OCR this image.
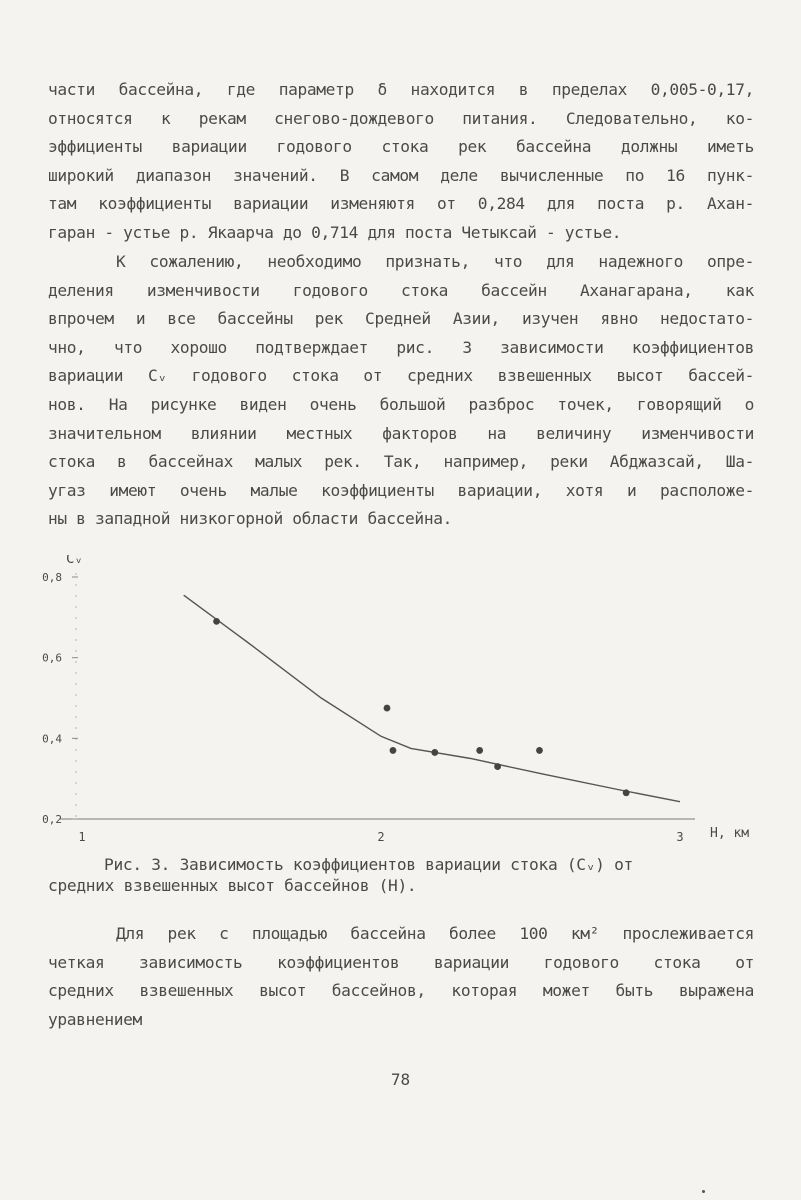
части бассейна, где параметр δ находится в пределах 0,005-0,17,
относятся к рекам снегово-дождевого питания. Следовательно, ко-
эффициенты вариации годового стока рек бассейна должны иметь
широкий диапазон значений. В самом деле вычисленные по 16 пунк-
там коэффициенты вариации изменяютя от 0,284 для поста р. Ахан-
гаран - устье р. Якаарча до 0,714 для поста Четыксай - устье.
К сожалению, необходимо признать, что для надежного опре-
деления изменчивости годового стока бассейн Аханагарана, как
впрочем и все бассейны рек Средней Азии, изучен явно недостато-
чно, что хорошо подтверждает рис. 3 зависимости коэффициентов
вариации Cᵥ годового стока от средних взвешенных высот бассей-
нов. На рисунке виден очень большой разброс точек, говорящий о
значительном влиянии местных факторов на величину изменчивости
стока в бассейнах малых рек. Так, например, реки Абджазсай, Ша-
угаз имеют очень малые коэффициенты вариации, хотя и расположе-
ны в западной низкогорной области бассейна.
0,8
0,6
0,4
0,2
1	2	3
Cᵥ
Н, км
Рис. 3. Зависимость коэффициентов вариации стока (Cᵥ) от
средних взвешенных высот бассейнов (Н).
Для рек с площадью бассейна более 100 км² прослеживается
четкая зависимость коэффициентов вариации годового стока от
средних взвешенных высот бассейнов, которая может быть выражена
уравнением
78
